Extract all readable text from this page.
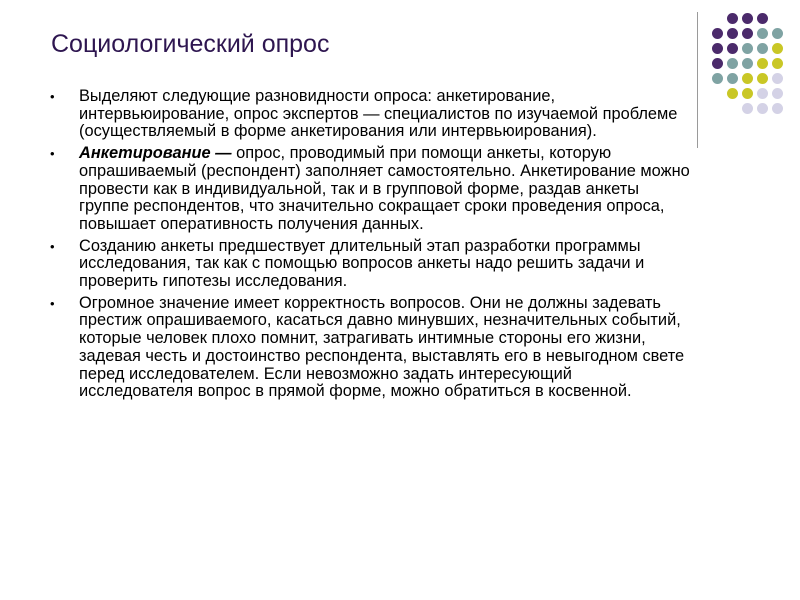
Социологический опрос
• Выделяют следующие разновидности опроса: анкетирование, интервьюирование, опрос экспертов — специалистов по изучаемой проблеме (осуществляемый в форме анкетирования или интервьюирования).
• Анкетирование — опрос, проводимый при помощи анкеты, которую опрашиваемый (респондент) заполняет самостоятельно. Анкетирование можно провести как в индивидуальной, так и в групповой форме, раздав анкеты группе респондентов, что значительно сокращает сроки проведения опроса, повышает оперативность получения данных.
• Созданию анкеты предшествует длительный этап разработки программы исследования, так как с помощью вопросов анкеты надо решить задачи и проверить гипотезы исследования.
• Огромное значение имеет корректность вопросов. Они не должны задевать престиж опрашиваемого, касаться давно минувших, незначительных событий, которые человек плохо помнит, затрагивать интимные стороны его жизни, задевая честь и достоинство респондента, выставлять его в невыгодном свете перед исследователем. Если невозможно задать интересующий исследователя вопрос в прямой форме, можно обратиться в косвенной.
